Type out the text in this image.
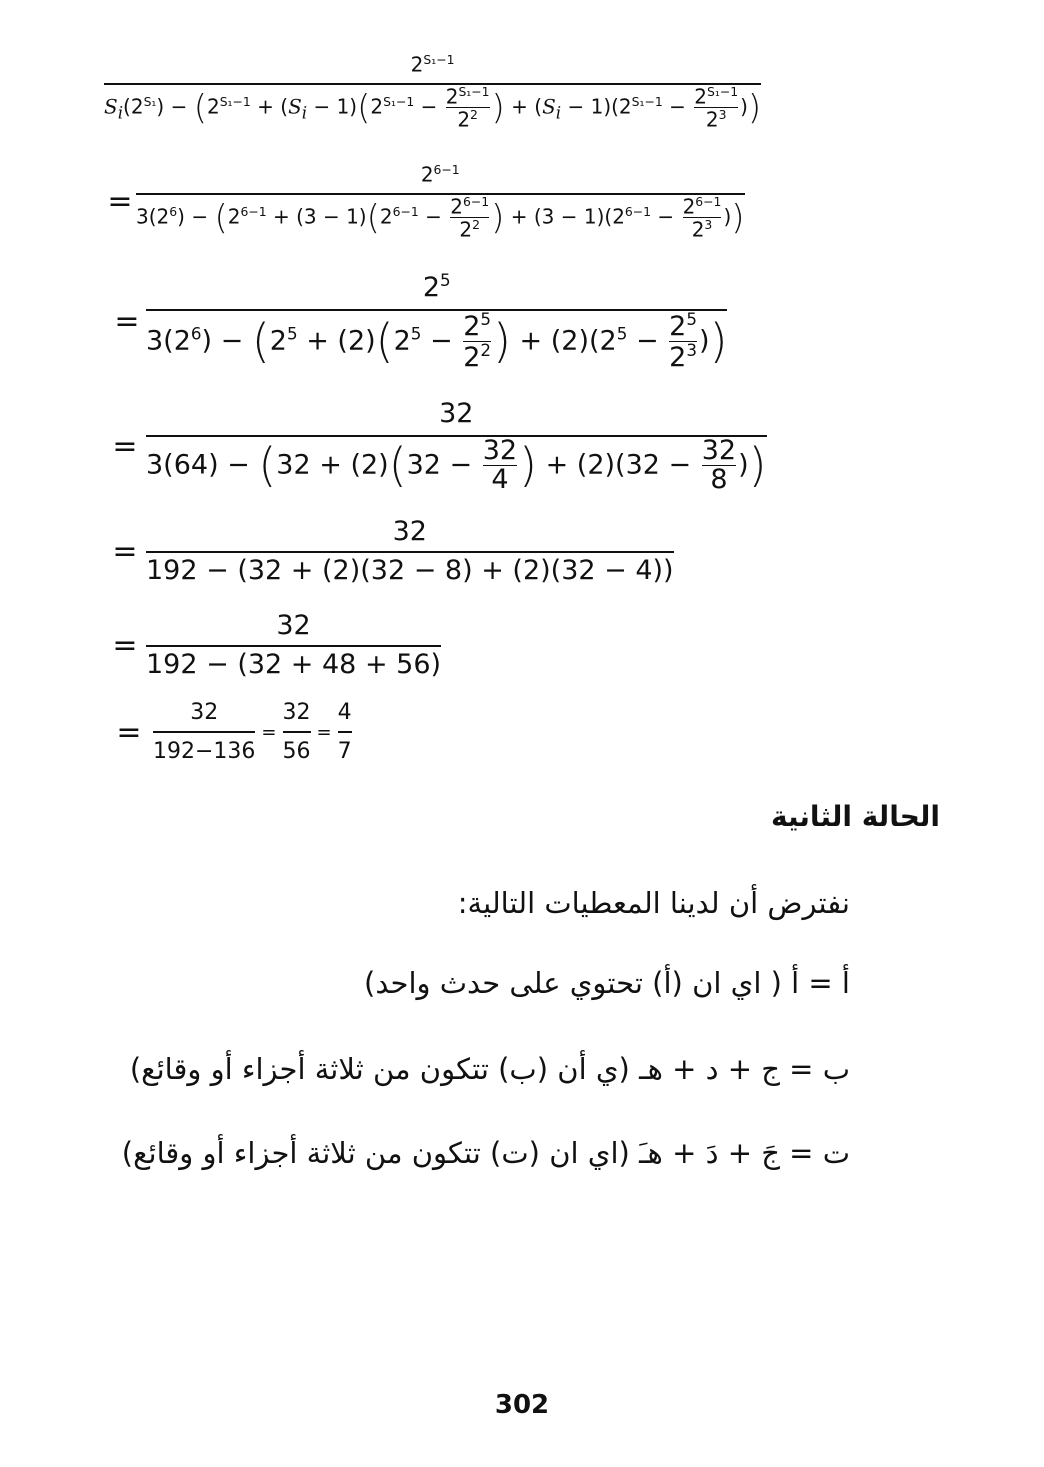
$2^{S_1-1}$
$S_i(2^{S_1}) - (2^{S_1-1} + (S_i - 1)(2^{S_1-1} - \frac{2^{S_1-1}}{2^2}$ ) + $(S_i - 1)(2^{S_1-1} - \frac{2^{S_1-1}}{2^3}$ ))
=
$2^{6-1}$
$3(2^6) - (2^{6-1} + (3 - 1)(2^{6-1} - \frac{2^{6-1}}{2^2}$ ) + $(3 - 1)(2^{6-1} - \frac{2^{6-1}}{2^3}$ ))
= $\frac{2^5}{3(2^6) - (2^5 + (2)(2^5 - \frac{2^5}{2^2} ) + (2)(2^5 - \frac{2^5}{2^3} ))}$
= $\frac{32}{3(64) - (32 + (2)(32 - \frac{32}{4} ) + (2)(32 - \frac{32}{8} ))}$
= $\frac{32}{192 - (32 + (2)(32 - 8) + (2)(32 - 4))}$
= $\frac{32}{192 - (32 + 48 + 56)}$
= $\frac{32}{192-136} = \frac{32}{56} = \frac{4}{7}$
الحالة الثانية
نفترض أن لدينا المعطيات التالية:
أ = أ ( اي ان (أ) تحتوي على حدث واحد)
ب = ج + د + هـ (ي أن (ب) تتكون من ثلاثة أجزاء أو وقائع)
ت = جَ + دَ + هـَ (اي ان (ت) تتكون من ثلاثة أجزاء أو وقائع)
302
